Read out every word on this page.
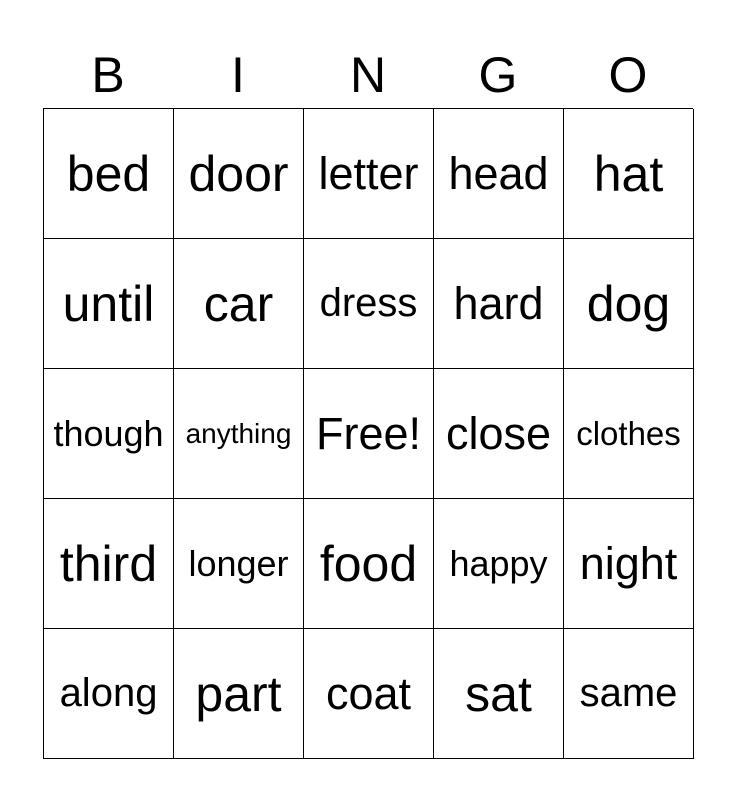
B	I	N	G	O
bed door letter head hat
until car	dress hard dog
though anything Free! close clothes
third longer food happy night
along part coat	sat	same
